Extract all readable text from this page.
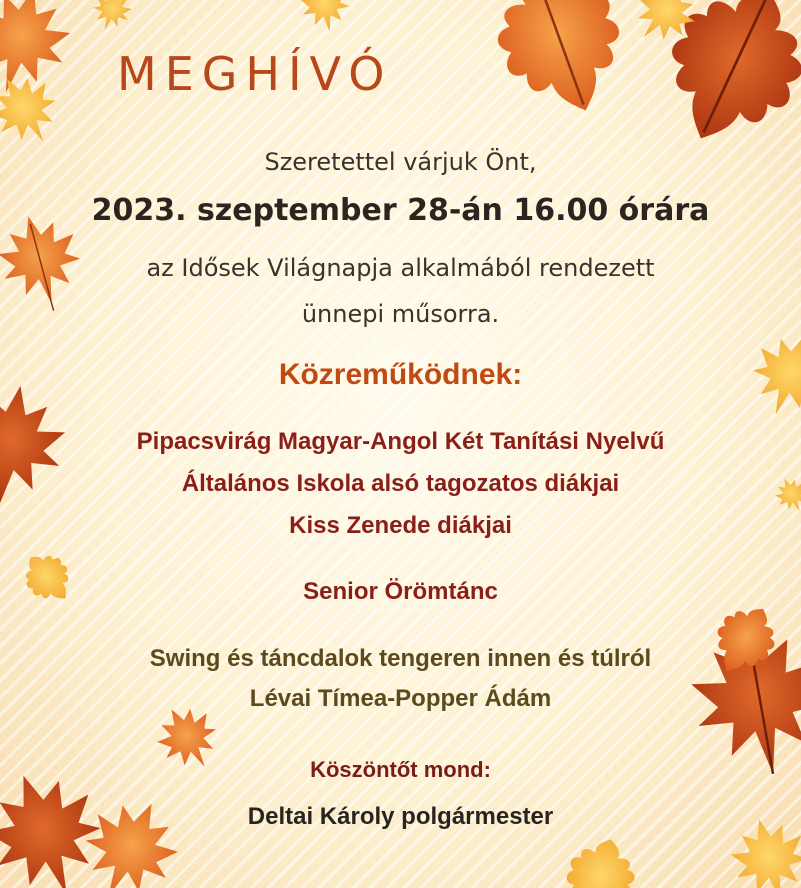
MEGHÍVÓ
Szeretettel várjuk Önt,
2023. szeptember 28-án 16.00 órára
az Idősek Világnapja alkalmából rendezett
ünnepi műsorra.
Közreműködnek:
Pipacsvirág Magyar-Angol Két Tanítási Nyelvű
Általános Iskola alsó tagozatos diákjai
Kiss Zenede diákjai
Senior Örömtánc
Swing és táncdalok tengeren innen és túlról
Lévai Tímea-Popper Ádám
Köszöntőt mond:
Deltai Károly polgármester
